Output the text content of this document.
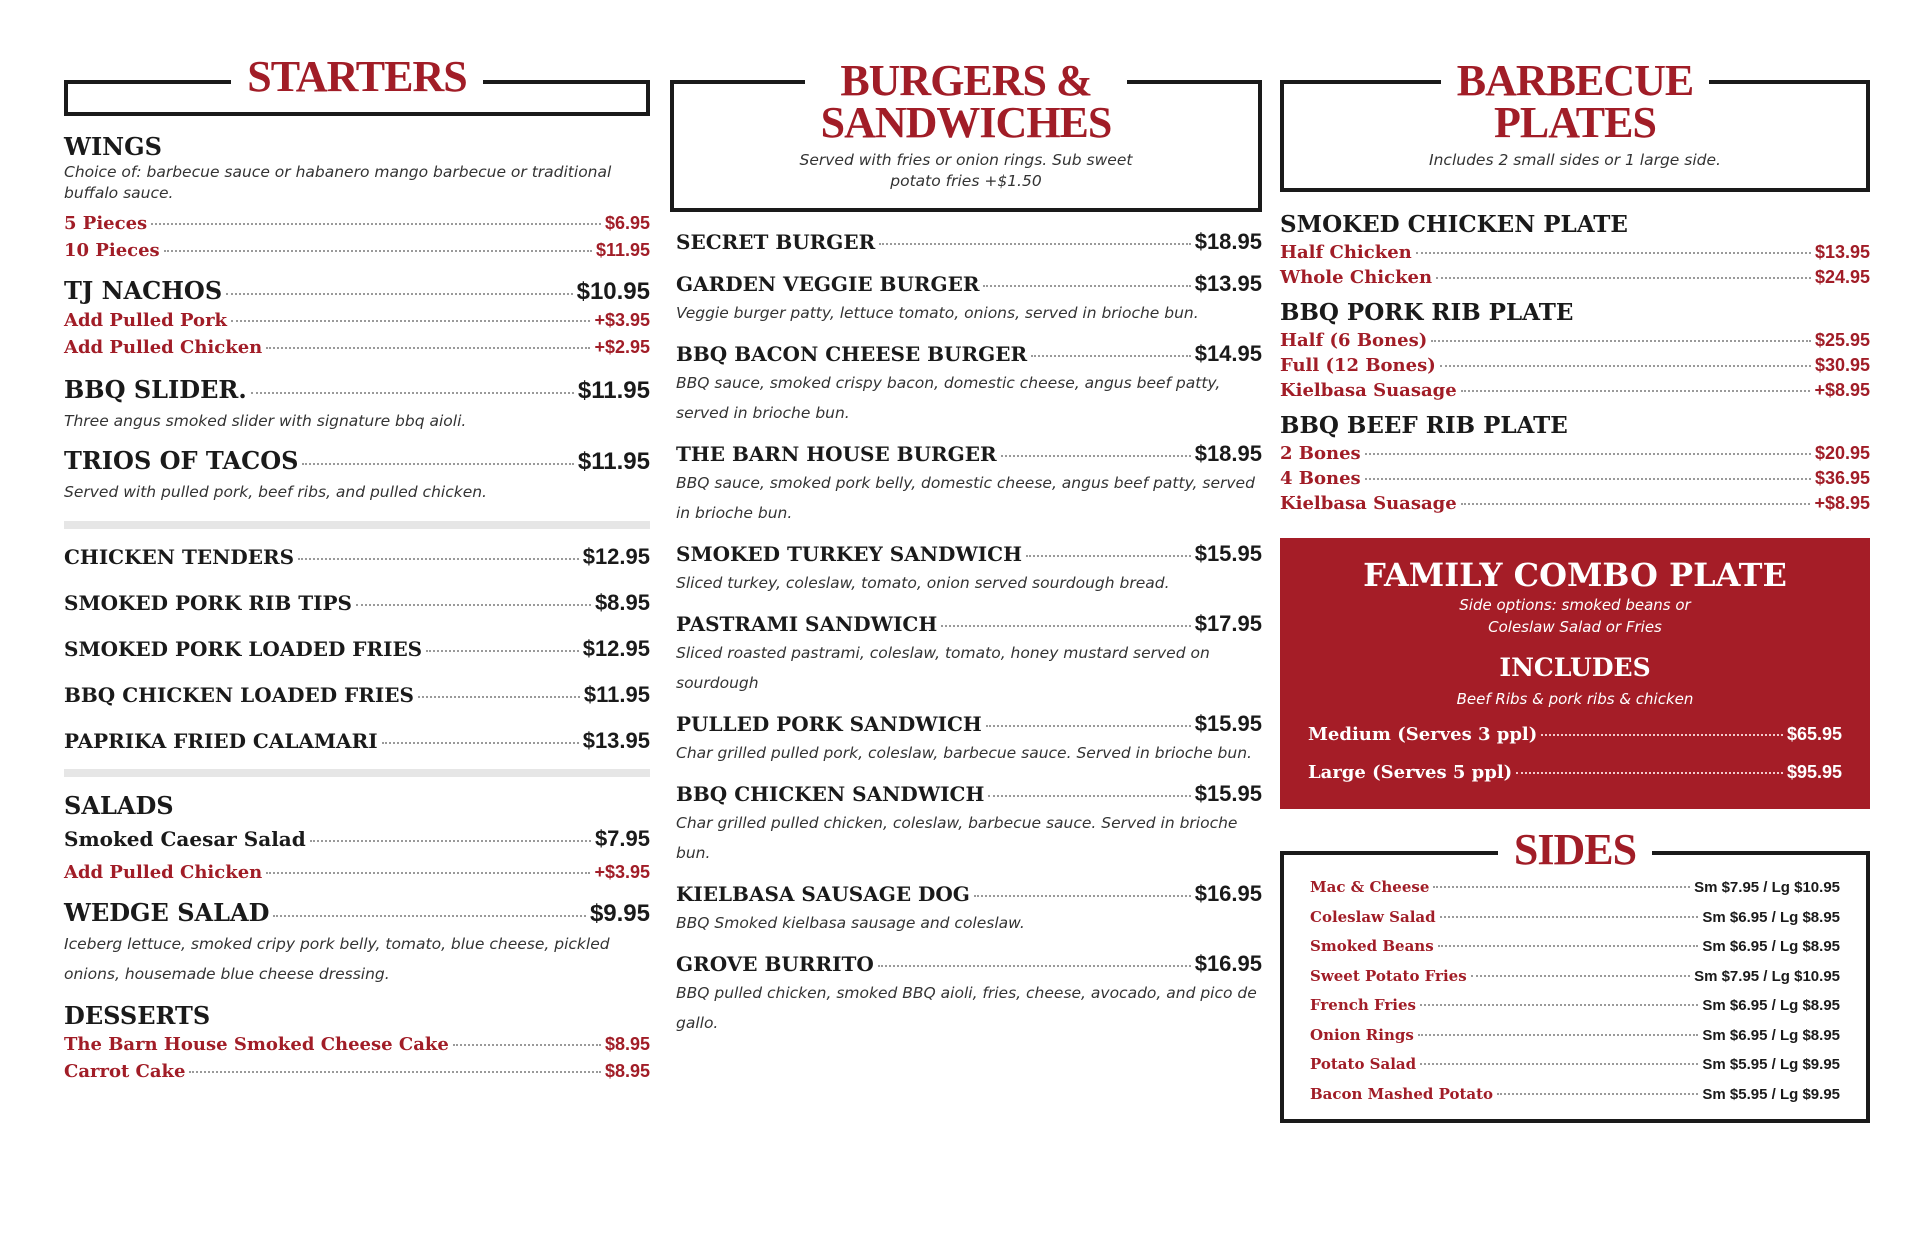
STARTERS
WINGS
Choice of: barbecue sauce or habanero mango barbecue or traditional buffalo sauce.
5 Pieces	$6.95
10 Pieces	$11.95
TJ NACHOS	$10.95
Add Pulled Pork	+$3.95
Add Pulled Chicken	+$2.95
BBQ SLIDER.	$11.95
Three angus smoked slider with signature bbq aioli.
TRIOS OF TACOS	$11.95
Served with pulled pork, beef ribs, and pulled chicken.
CHICKEN TENDERS	$12.95
SMOKED PORK RIB TIPS	$8.95
SMOKED PORK LOADED FRIES	$12.95
BBQ CHICKEN LOADED FRIES	$11.95
PAPRIKA FRIED CALAMARI	$13.95
SALADS
Smoked Caesar Salad	$7.95
Add Pulled Chicken	+$3.95
WEDGE SALAD	$9.95
Iceberg lettuce, smoked cripy pork belly, tomato, blue cheese, pickled onions, housemade blue cheese dressing.
DESSERTS
The Barn House Smoked Cheese Cake	$8.95
Carrot Cake	$8.95
BURGERS &
SANDWICHES
Served with fries or onion rings. Sub sweet potato fries +$1.50
SECRET BURGER	$18.95
GARDEN VEGGIE BURGER	$13.95
Veggie burger patty, lettuce tomato, onions, served in brioche bun.
BBQ BACON CHEESE BURGER	$14.95
BBQ sauce, smoked crispy bacon, domestic cheese, angus beef patty, served in brioche bun.
THE BARN HOUSE BURGER	$18.95
BBQ sauce, smoked pork belly, domestic cheese, angus beef patty, served in brioche bun.
SMOKED TURKEY SANDWICH	$15.95
Sliced turkey, coleslaw, tomato, onion served sourdough bread.
PASTRAMI SANDWICH	$17.95
Sliced roasted pastrami, coleslaw, tomato, honey mustard served on sourdough
PULLED PORK SANDWICH	$15.95
Char grilled pulled pork, coleslaw, barbecue sauce. Served in brioche bun.
BBQ CHICKEN SANDWICH	$15.95
Char grilled pulled chicken, coleslaw, barbecue sauce. Served in brioche bun.
KIELBASA SAUSAGE DOG	$16.95
BBQ Smoked kielbasa sausage and coleslaw.
GROVE BURRITO	$16.95
BBQ pulled chicken, smoked BBQ aioli, fries, cheese, avocado, and pico de gallo.
BARBECUE
PLATES
Includes 2 small sides or 1 large side.
SMOKED CHICKEN PLATE
Half Chicken	$13.95
Whole Chicken	$24.95
BBQ PORK RIB PLATE
Half (6 Bones)	$25.95
Full (12 Bones)	$30.95
Kielbasa Suasage	+$8.95
BBQ BEEF RIB PLATE
2 Bones	$20.95
4 Bones	$36.95
Kielbasa Suasage	+$8.95
FAMILY COMBO PLATE
Side options: smoked beans or
Coleslaw Salad or Fries
INCLUDES
Beef Ribs & pork ribs & chicken
Medium (Serves 3 ppl)	$65.95
Large (Serves 5 ppl)	$95.95
SIDES
Mac & Cheese	Sm $7.95 / Lg $10.95
Coleslaw Salad	Sm $6.95 / Lg $8.95
Smoked Beans	Sm $6.95 / Lg $8.95
Sweet Potato Fries	Sm $7.95 / Lg $10.95
French Fries	Sm $6.95 / Lg $8.95
Onion Rings	Sm $6.95 / Lg $8.95
Potato Salad	Sm $5.95 / Lg $9.95
Bacon Mashed Potato	Sm $5.95 / Lg $9.95
